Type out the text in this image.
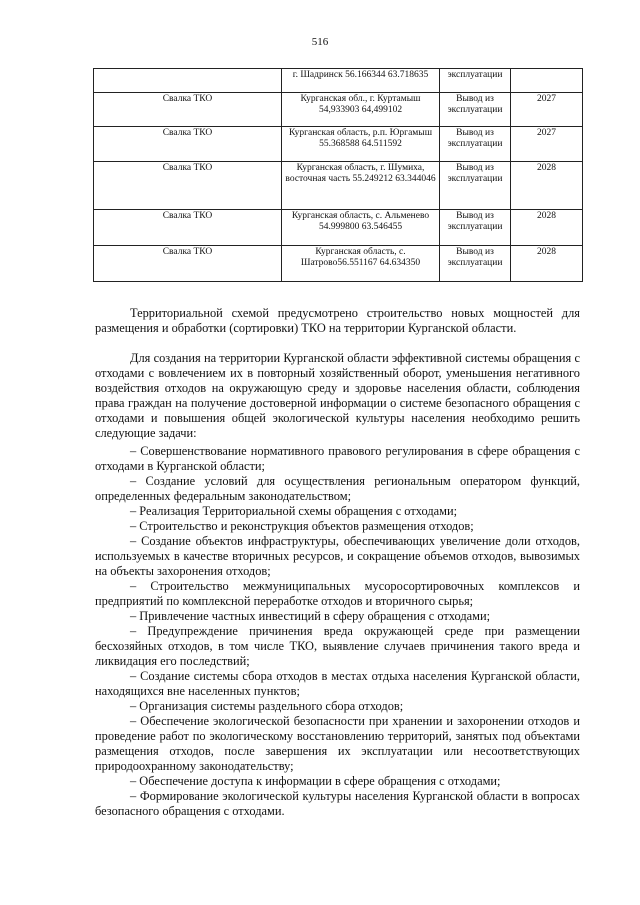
516
	г. Шадринск 56.166344 63.718635	эксплуатации	
Свалка ТКО	Курганская обл., г. Куртамыш 54,933903 64,499102	Вывод из эксплуатации	2027
Свалка ТКО	Курганская область, р.п. Юргамыш 55.368588 64.511592	Вывод из эксплуатации	2027
Свалка ТКО	Курганская область, г. Шумиха, восточная часть 55.249212 63.344046	Вывод из эксплуатации	2028
Свалка ТКО	Курганская область, с. Альменево 54.999800 63.546455	Вывод из эксплуатации	2028
Свалка ТКО	Курганская область, с. Шатрово56.551167 64.634350	Вывод из эксплуатации	2028

Территориальной схемой предусмотрено строительство новых мощностей для размещения и обработки (сортировки) ТКО на территории Курганской области.

Для создания на территории Курганской области эффективной системы обращения с отходами с вовлечением их в повторный хозяйственный оборот, уменьшения негативного воздействия отходов на окружающую среду и здоровье населения области, соблюдения права граждан на получение достоверной информации о системе безопасного обращения с отходами и повышения общей экологической культуры населения необходимо решить следующие задачи:

– Совершенствование нормативного правового регулирования в сфере обращения с отходами в Курганской области;

– Создание условий для осуществления региональным оператором функций, определенных федеральным законодательством;

– Реализация Территориальной схемы обращения с отходами;

– Строительство и реконструкция объектов размещения отходов;

– Создание объектов инфраструктуры, обеспечивающих увеличение доли отходов, используемых в качестве вторичных ресурсов, и сокращение объемов отходов, вывозимых на объекты захоронения отходов;

– Строительство межмуниципальных мусоросортировочных комплексов и предприятий по комплексной переработке отходов и вторичного сырья;

– Привлечение частных инвестиций в сферу обращения с отходами;

– Предупреждение причинения вреда окружающей среде при размещении бесхозяйных отходов, в том числе ТКО, выявление случаев причинения такого вреда и ликвидация его последствий;

– Создание системы сбора отходов в местах отдыха населения Курганской области, находящихся вне населенных пунктов;

– Организация системы раздельного сбора отходов;

– Обеспечение экологической безопасности при хранении и захоронении отходов и проведение работ по экологическому восстановлению территорий, занятых под объектами размещения отходов, после завершения их эксплуатации или несоответствующих природоохранному законодательству;

– Обеспечение доступа к информации в сфере обращения с отходами;

– Формирование экологической культуры населения Курганской области в вопросах безопасного обращения с отходами.
